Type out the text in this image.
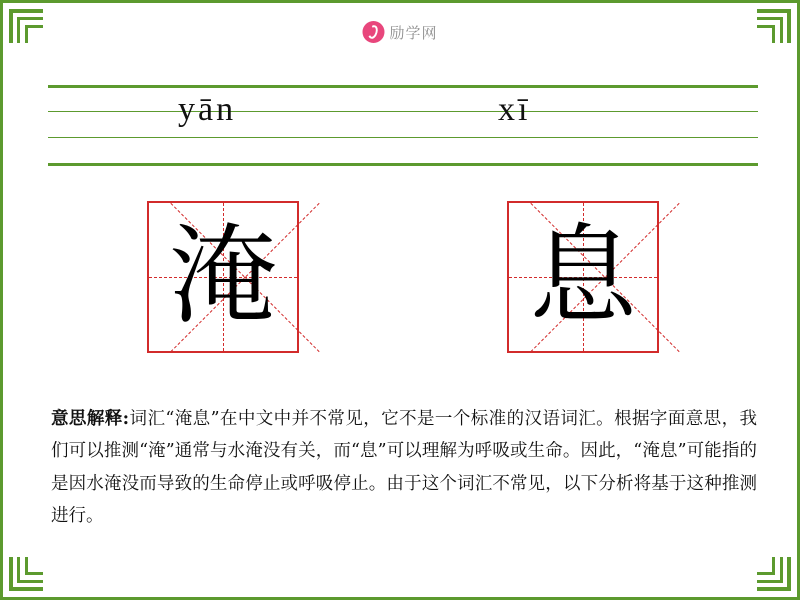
励学网
yān	xī
淹 息
意思解释:词汇“淹息”在中文中并不常见，它不是一个标准的汉语词汇。根据字面意思，我们可以推测“淹”通常与水淹没有关，而“息”可以理解为呼吸或生命。因此，“淹息”可能指的是因水淹没而导致的生命停止或呼吸停止。由于这个词汇不常见，以下分析将基于这种推测进行。
